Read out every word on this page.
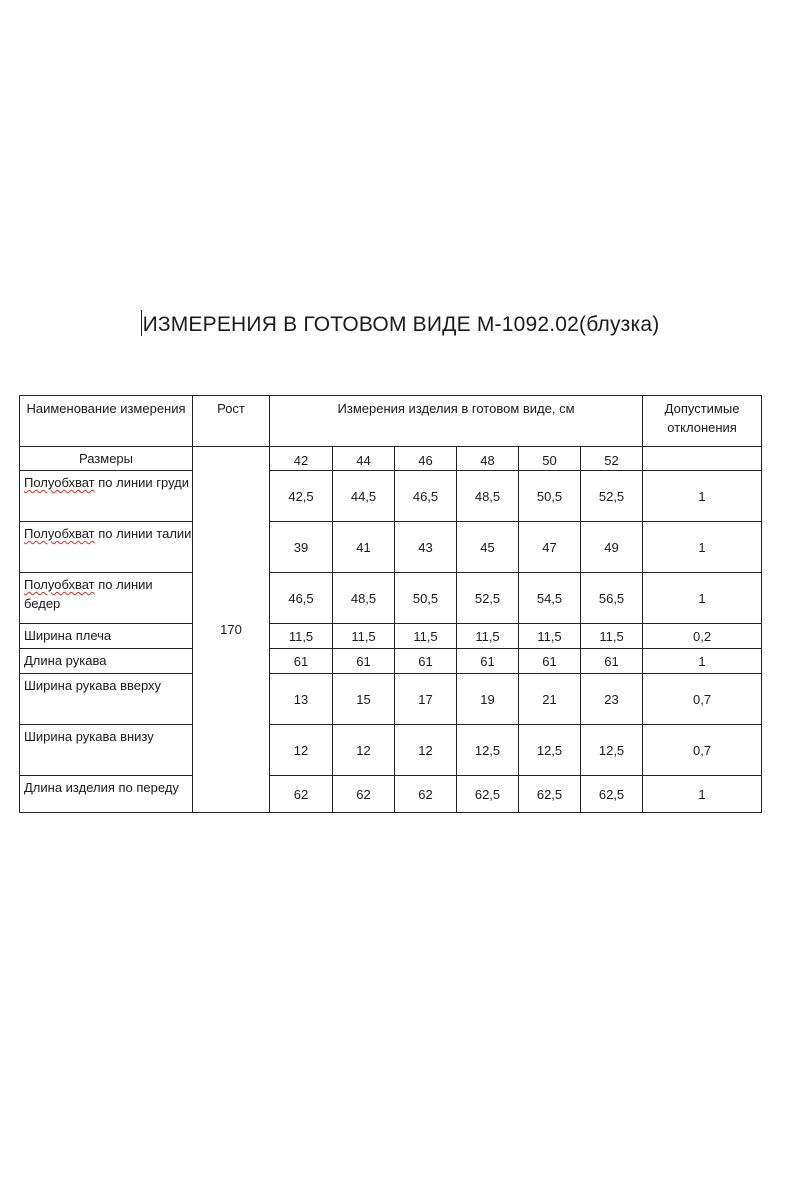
ИЗМЕРЕНИЯ В ГОТОВОМ ВИДЕ М-1092.02(блузка)
Наименование измерения	Рост	Измерения изделия в готовом виде, см						Допустимые отклонения
Размеры	170	42	44	46	48	50	52	
Полуобхват по линии груди		42,5	44,5	46,5	48,5	50,5	52,5	1
Полуобхват по линии талии		39	41	43	45	47	49	1
Полуобхват по линии бедер		46,5	48,5	50,5	52,5	54,5	56,5	1
Ширина плеча		11,5	11,5	11,5	11,5	11,5	11,5	0,2
Длина рукава		61	61	61	61	61	61	1
Ширина рукава вверху		13	15	17	19	21	23	0,7
Ширина рукава внизу		12	12	12	12,5	12,5	12,5	0,7
Длина изделия по переду		62	62	62	62,5	62,5	62,5	1
